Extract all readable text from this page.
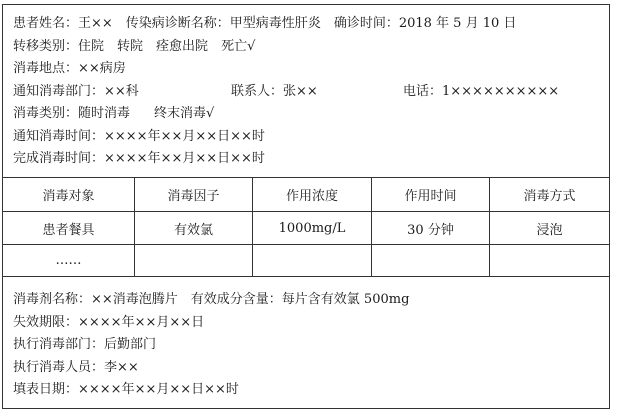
患者姓名：王×× 传染病诊断名称：甲型病毒性肝炎 确诊时间：2018 年 5 月 10 日
转移类别：住院 转院 痊愈出院 死亡√
消毒地点：××病房
通知消毒部门：××科	联系人：张××	电话：1××××××××××
消毒类别：随时消毒 终末消毒√
通知消毒时间：××××年××月××日××时
完成消毒时间：××××年××月××日××时
消毒对象	消毒因子	作用浓度	作用时间	消毒方式
患者餐具	有效氯	1000mg/L	30 分钟	浸泡
……
消毒剂名称：××消毒泡腾片 有效成分含量：每片含有效氯 500mg
失效期限：××××年××月××日
执行消毒部门：后勤部门
执行消毒人员：李××
填表日期：××××年××月××日××时
